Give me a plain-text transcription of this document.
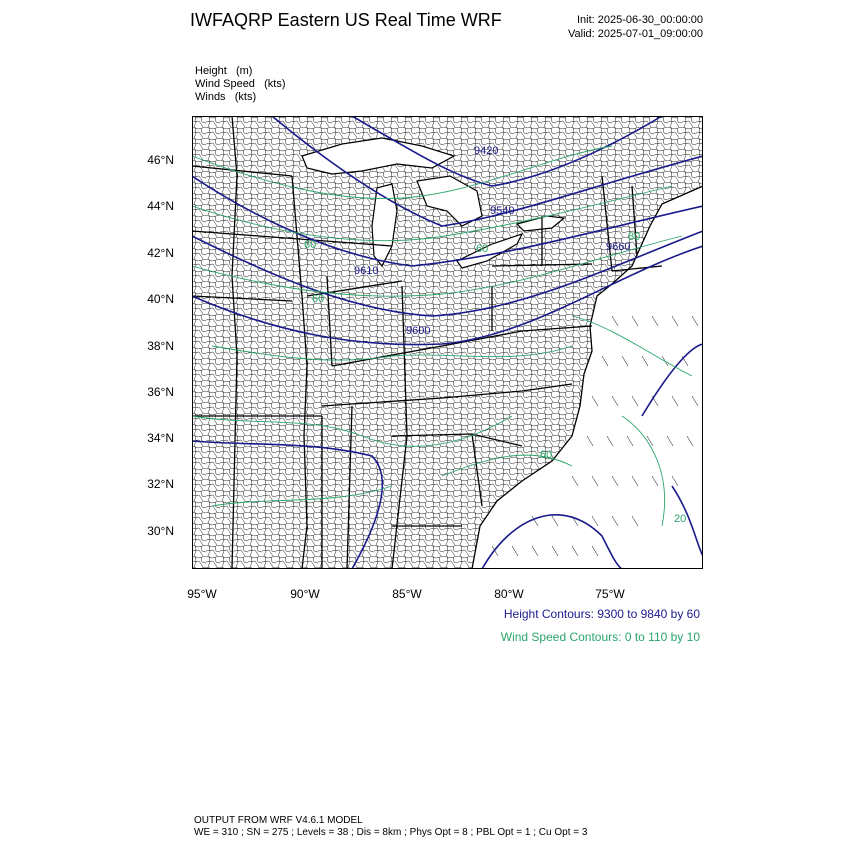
IWFAQRP Eastern US Real Time WRF	Init: 2025-06-30_00:00:00
Valid: 2025-07-01_09:00:00
Height (m)
Wind Speed (kts)
Winds (kts)
46°N
44°N
42°N
40°N
38°N
36°N
34°N
32°N
30°N
95°W	90°W	85°W	80°W	75°W
9420
9540
9600
9610
9660
60
60
60
80
60
20
Height Contours: 9300 to 9840 by 60
Wind Speed Contours: 0 to 110 by 10
OUTPUT FROM WRF V4.6.1 MODEL
WE = 310 ; SN = 275 ; Levels = 38 ; Dis = 8km ; Phys Opt = 8 ; PBL Opt = 1 ; Cu Opt = 3
